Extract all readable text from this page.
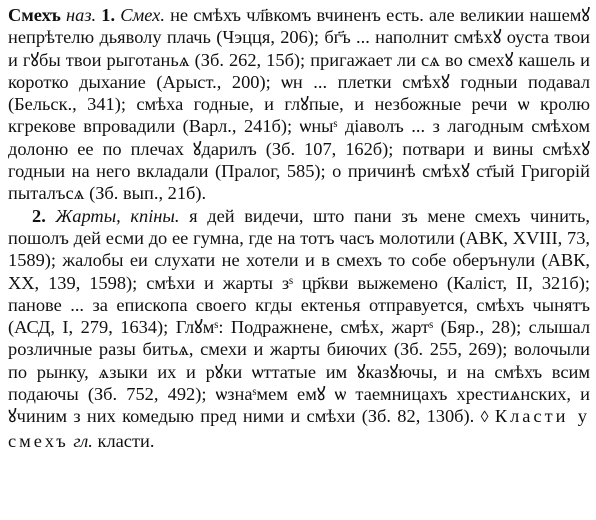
Смехъ наз. 1. Смех. не смѣхъ чл҃вкомъ вчиненъ есть. але великии нашемꙋ непрѣтелю дьяволу плачь (Чэцця, 206); бг҃ъ ... наполнит смѣхꙋ оуста твои и гꙋбы твои рыготаньѧ (Зб. 262, 15б); пригажает ли сѧ во смехꙋ кашель и коротко дыхание (Арыст., 200); ѡн ... плетки смѣхꙋ годныи подавал (Бельск., 341); смѣха годные, и глꙋпые, и незбожные речи ѡ кролю кгрекове впровадили (Варл., 241б); ѡныˢ діаволъ ... з лагодным смѣхом долоню ее по плечах ꙋдарилъ (Зб. 107, 162б); потвари и вины смѣхꙋ годныи на него вкладали (Пралог, 585); о причинѣ смѣхꙋ ст҃ый Григорій пыталъсѧ (Зб. вып., 21б).

2. Жарты, кпіны. я дей видечи, што пани зъ мене смехъ чинить, пошолъ дей есми до ее гумна, где на тотъ часъ молотили (АВК, XVIII, 73, 1589); жалобы еи слухати не хотели и в смехъ то собе оберънули (АВК, XX, 139, 1598); смѣхи и жарты зˢ цр҃кви выжемено (Каліст, II, 321б); панове ... за епископа своего кгды ектенья отправуется, смѣхъ чынятъ (АСД, I, 279, 1634); Глꙋмˢ: Подражнене, смѣх, жартˢ (Бяр., 28); слышал розличные разы битьѧ, смехи и жарты биючих (Зб. 255, 269); волочыли по рынку, ѧзыки их и рꙋки ѡттатые им ꙋказꙋючы, и на смѣхъ всим подаючы (Зб. 752, 492); ѡзнаˢмем емꙋ ѡ таемницахъ хрестиѧнских, и ꙋчиним з них комедыю пред ними и смѣхи (Зб. 82, 130б). ◊ Класти у смехъ гл. класти.
